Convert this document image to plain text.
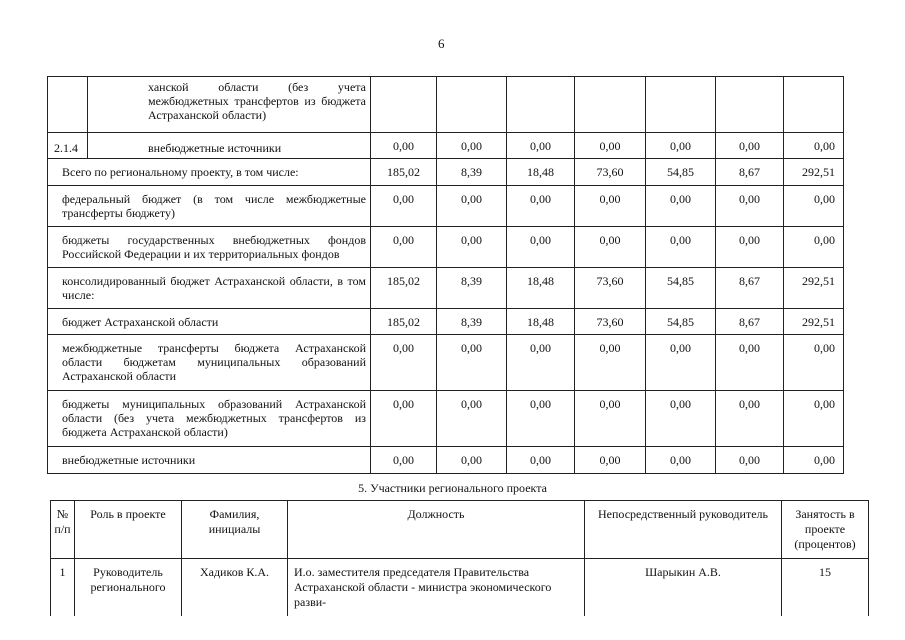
6
	ханской области (без учета межбюджетных трансфертов из бюджета Астраханской области)							
2.1.4	внебюджетные источники	0,00	0,00	0,00	0,00	0,00	0,00	0,00
Всего по региональному проекту, в том числе:		185,02	8,39	18,48	73,60	54,85	8,67	292,51
федеральный бюджет (в том числе межбюджетные трансферты бюджету)		0,00	0,00	0,00	0,00	0,00	0,00	0,00
бюджеты государственных внебюджетных фондов Российской Федерации и их территориальных фондов		0,00	0,00	0,00	0,00	0,00	0,00	0,00
консолидированный бюджет Астраханской области, в том числе:		185,02	8,39	18,48	73,60	54,85	8,67	292,51
бюджет Астраханской области		185,02	8,39	18,48	73,60	54,85	8,67	292,51
межбюджетные трансферты бюджета Астраханской области бюджетам муниципальных образований Астраханской области		0,00	0,00	0,00	0,00	0,00	0,00	0,00
бюджеты муниципальных образований Астраханской области (без учета межбюджетных трансфертов из бюджета Астраханской области)		0,00	0,00	0,00	0,00	0,00	0,00	0,00
внебюджетные источники		0,00	0,00	0,00	0,00	0,00	0,00	0,00
5. Участники регионального проекта
№ п/п	Роль в проекте	Фамилия, инициалы	Должность	Непосредственный руководитель	Занятость в проекте (процентов)
1	Руководитель регионального	Хадиков К.А.	И.о. заместителя председателя Правительства Астраханской области - министра экономического разви-	Шарыкин А.В.	15
